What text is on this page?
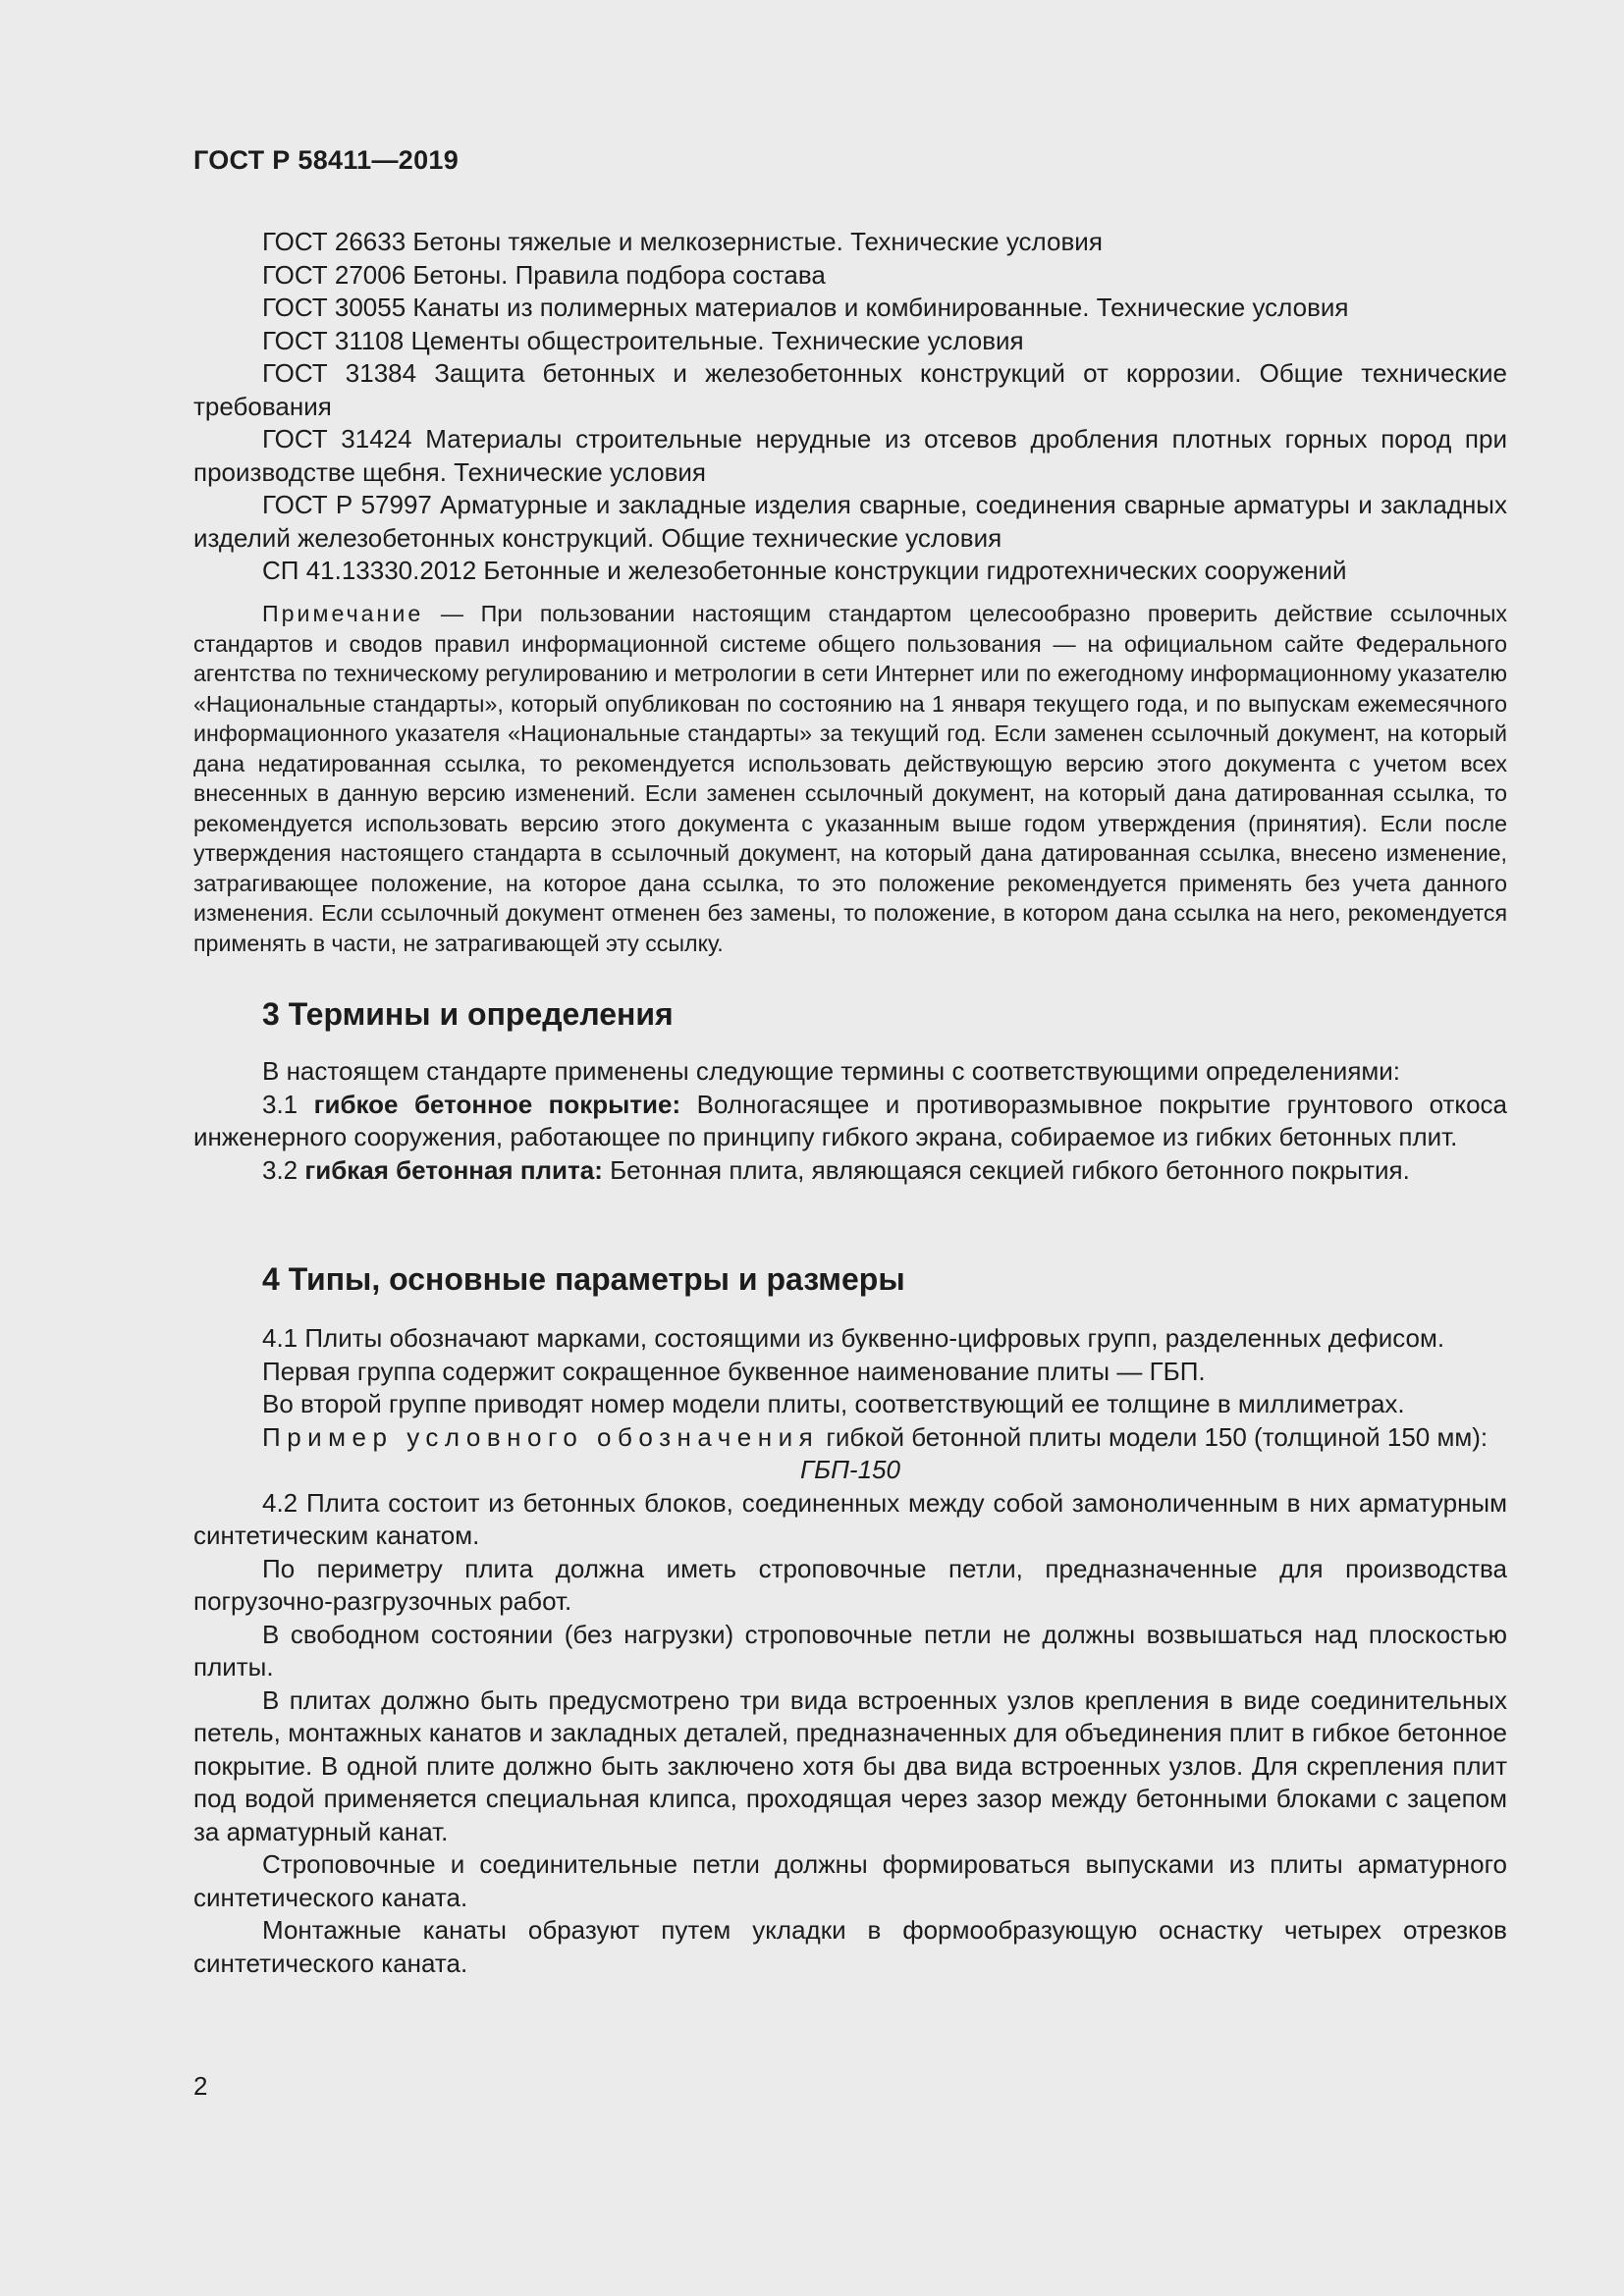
ГОСТ Р 58411—2019

ГОСТ 26633 Бетоны тяжелые и мелкозернистые. Технические условия

ГОСТ 27006 Бетоны. Правила подбора состава

ГОСТ 30055 Канаты из полимерных материалов и комбинированные. Технические условия

ГОСТ 31108 Цементы общестроительные. Технические условия

ГОСТ 31384 Защита бетонных и железобетонных конструкций от коррозии. Общие технические требования

ГОСТ 31424 Материалы строительные нерудные из отсевов дробления плотных горных пород при производстве щебня. Технические условия

ГОСТ Р 57997 Арматурные и закладные изделия сварные, соединения сварные арматуры и закладных изделий железобетонных конструкций. Общие технические условия

СП 41.13330.2012 Бетонные и железобетонные конструкции гидротехнических сооружений

Примечание — При пользовании настоящим стандартом целесообразно проверить действие ссылочных стандартов и сводов правил информационной системе общего пользования — на официальном сайте Федерального агентства по техническому регулированию и метрологии в сети Интернет или по ежегодному информационному указателю «Национальные стандарты», который опубликован по состоянию на 1 января текущего года, и по выпускам ежемесячного информационного указателя «Национальные стандарты» за текущий год. Если заменен ссылочный документ, на который дана недатированная ссылка, то рекомендуется использовать действующую версию этого документа с учетом всех внесенных в данную версию изменений. Если заменен ссылочный документ, на который дана датированная ссылка, то рекомендуется использовать версию этого документа с указанным выше годом утверждения (принятия). Если после утверждения настоящего стандарта в ссылочный документ, на который дана датированная ссылка, внесено изменение, затрагивающее положение, на которое дана ссылка, то это положение рекомендуется применять без учета данного изменения. Если ссылочный документ отменен без замены, то положение, в котором дана ссылка на него, рекомендуется применять в части, не затрагивающей эту ссылку.

3 Термины и определения

В настоящем стандарте применены следующие термины с соответствующими определениями:

3.1 гибкое бетонное покрытие: Волногасящее и противоразмывное покрытие грунтового откоса инженерного сооружения, работающее по принципу гибкого экрана, собираемое из гибких бетонных плит.

3.2 гибкая бетонная плита: Бетонная плита, являющаяся секцией гибкого бетонного покрытия.

4 Типы, основные параметры и размеры

4.1 Плиты обозначают марками, состоящими из буквенно-цифровых групп, разделенных дефисом.

Первая группа содержит сокращенное буквенное наименование плиты — ГБП.

Во второй группе приводят номер модели плиты, соответствующий ее толщине в миллиметрах.

Пример условного обозначения гибкой бетонной плиты модели 150 (толщиной 150 мм):

ГБП-150

4.2 Плита состоит из бетонных блоков, соединенных между собой замоноличенным в них арматурным синтетическим канатом.

По периметру плита должна иметь строповочные петли, предназначенные для производства погрузочно-разгрузочных работ.

В свободном состоянии (без нагрузки) строповочные петли не должны возвышаться над плоскостью плиты.

В плитах должно быть предусмотрено три вида встроенных узлов крепления в виде соединительных петель, монтажных канатов и закладных деталей, предназначенных для объединения плит в гибкое бетонное покрытие. В одной плите должно быть заключено хотя бы два вида встроенных узлов. Для скрепления плит под водой применяется специальная клипса, проходящая через зазор между бетонными блоками с зацепом за арматурный канат.

Строповочные и соединительные петли должны формироваться выпусками из плиты арматурного синтетического каната.

Монтажные канаты образуют путем укладки в формообразующую оснастку четырех отрезков синтетического каната.

2
